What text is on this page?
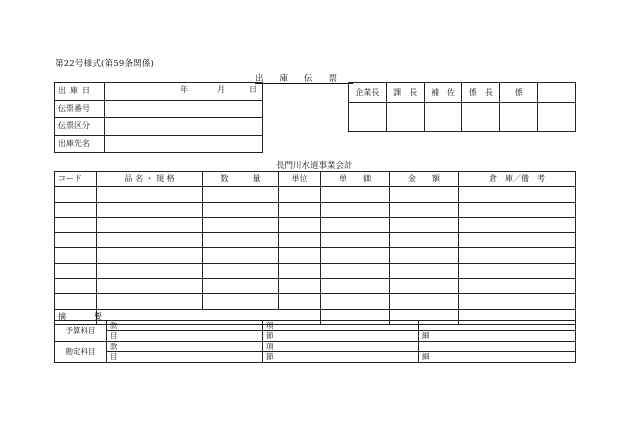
第22号様式(第59条関係)
出庫伝票
出庫日	年 月 日

伝票番号	
伝票区分	
出庫先名	
企業長	課　長	補　佐	係　長	係	

長門川水道事業会計
コード	品 名 ・ 規 格	数　　　量	単位	単　　価	金　　額	倉　庫／備　考

摘　要						
予算科目	款	項	
	目	節	細
勘定科目	款	項	
	目	節	細
